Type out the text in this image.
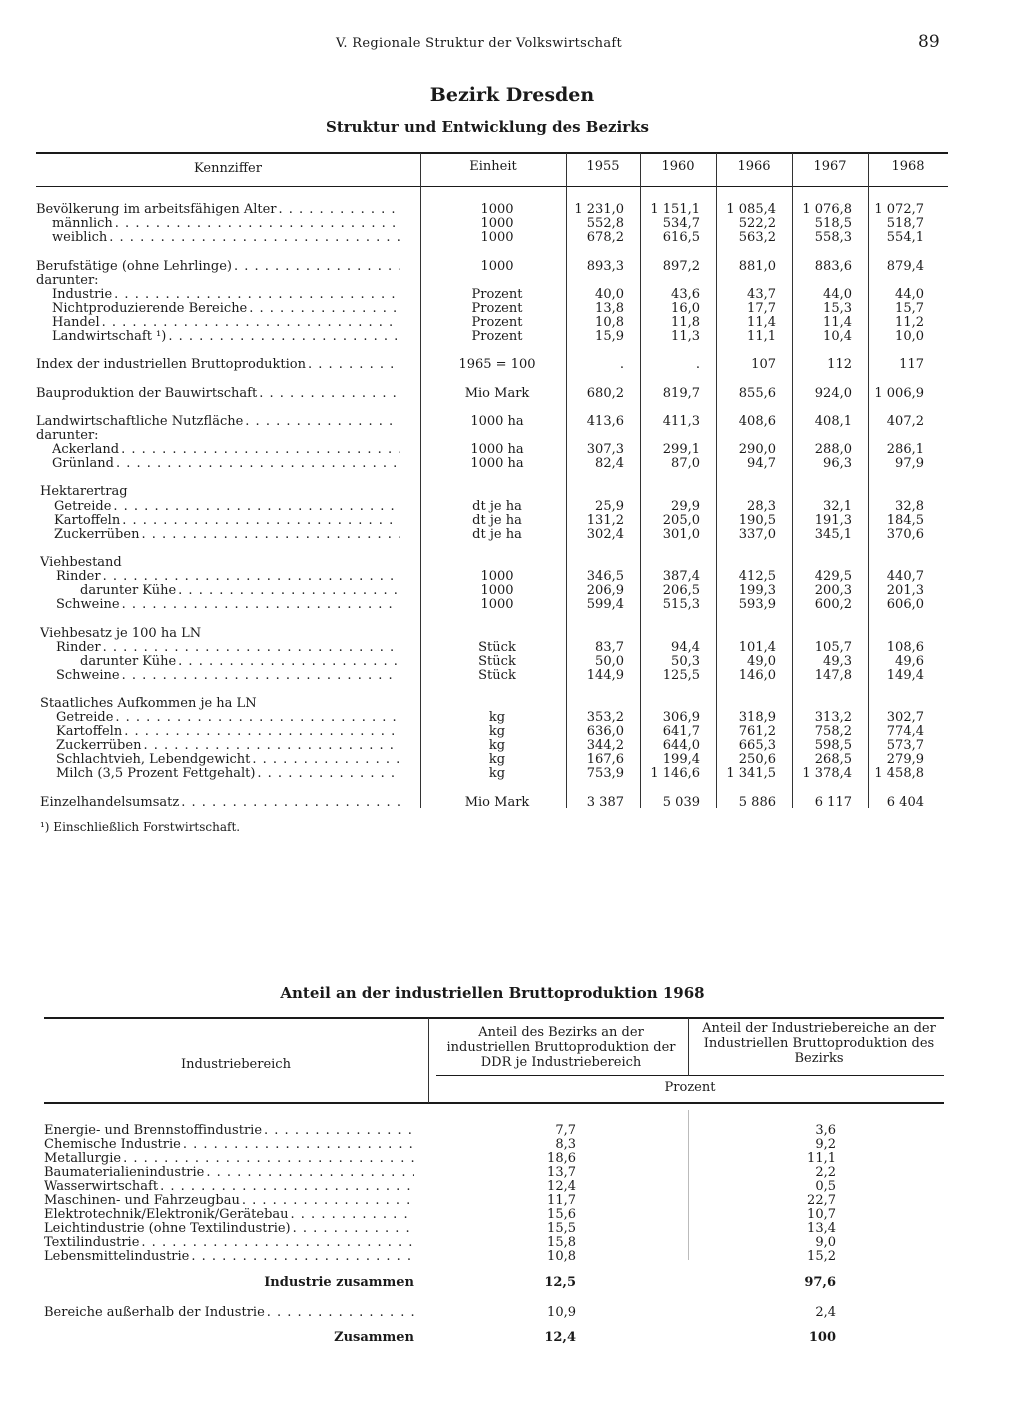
V. Regionale Struktur der Volkswirtschaft	89
Bezirk Dresden
Struktur und Entwicklung des Bezirks
Kennziffer	Einheit	1955	1960	1966	1967	1968
Bevölkerung im arbeitsfähigen Alter . . .	1000	1 231,0	1 151,1	1 085,4	1 076,8	1 072,7
männlich . . .	1000	552,8	534,7	522,2	518,5	518,7
weiblich . . .	1000	678,2	616,5	563,2	558,3	554,1
Berufstätige (ohne Lehrlinge) . . .	1000	893,3	897,2	881,0	883,6	879,4
darunter:
Industrie . . .	Prozent	40,0	43,6	43,7	44,0	44,0
Nichtproduzierende Bereiche . . .	Prozent	13,8	16,0	17,7	15,3	15,7
Handel . . .	Prozent	10,8	11,8	11,4	11,4	11,2
Landwirtschaft ¹) . . .	Prozent	15,9	11,3	11,1	10,4	10,0
Index der industriellen Bruttoproduktion . . .	1965 = 100	.	.	107	112	117
Bauproduktion der Bauwirtschaft . . .	Mio Mark	680,2	819,7	855,6	924,0	1 006,9
Landwirtschaftliche Nutzfläche . . .	1000 ha	413,6	411,3	408,6	408,1	407,2
darunter:
Ackerland . . .	1000 ha	307,3	299,1	290,0	288,0	286,1
Grünland . . .	1000 ha	82,4	87,0	94,7	96,3	97,9
Hektarertrag
Getreide . . .	dt je ha	25,9	29,9	28,3	32,1	32,8
Kartoffeln . . .	dt je ha	131,2	205,0	190,5	191,3	184,5
Zuckerrüben . . .	dt je ha	302,4	301,0	337,0	345,1	370,6
Viehbestand
Rinder . . .	1000	346,5	387,4	412,5	429,5	440,7
darunter Kühe . . .	1000	206,9	206,5	199,3	200,3	201,3
Schweine . . .	1000	599,4	515,3	593,9	600,2	606,0
Viehbesatz je 100 ha LN
Rinder . . .	Stück	83,7	94,4	101,4	105,7	108,6
darunter Kühe . . .	Stück	50,0	50,3	49,0	49,3	49,6
Schweine . . .	Stück	144,9	125,5	146,0	147,8	149,4
Staatliches Aufkommen je ha LN
Getreide . . .	kg	353,2	306,9	318,9	313,2	302,7
Kartoffeln . . .	kg	636,0	641,7	761,2	758,2	774,4
Zuckerrüben . . .	kg	344,2	644,0	665,3	598,5	573,7
Schlachtvieh, Lebendgewicht . . .	kg	167,6	199,4	250,6	268,5	279,9
Milch (3,5 Prozent Fettgehalt) . . .	kg	753,9	1 146,6	1 341,5	1 378,4	1 458,8
Einzelhandelsumsatz . . .	Mio Mark	3 387	5 039	5 886	6 117	6 404
¹) Einschließlich Forstwirtschaft.
Anteil an der industriellen Bruttoproduktion 1968
Industriebereich
Anteil des Bezirks an der industriellen Bruttoproduktion der DDR je Industriebereich
Anteil der Industriebereiche an der Industriellen Bruttoproduktion des Bezirks
Prozent
Energie- und Brennstoffindustrie . . .	7,7	3,6
Chemische Industrie . . .	8,3	9,2
Metallurgie . . .	18,6	11,1
Baumaterialienindustrie . . .	13,7	2,2
Wasserwirtschaft . . .	12,4	0,5
Maschinen- und Fahrzeugbau . . .	11,7	22,7
Elektrotechnik/Elektronik/Gerätebau . . .	15,6	10,7
Leichtindustrie (ohne Textilindustrie) . . .	15,5	13,4
Textilindustrie . . .	15,8	9,0
Lebensmittelindustrie . . .	10,8	15,2
Industrie zusammen	12,5	97,6
Bereiche außerhalb der Industrie . . .	10,9	2,4
Zusammen	12,4	100
